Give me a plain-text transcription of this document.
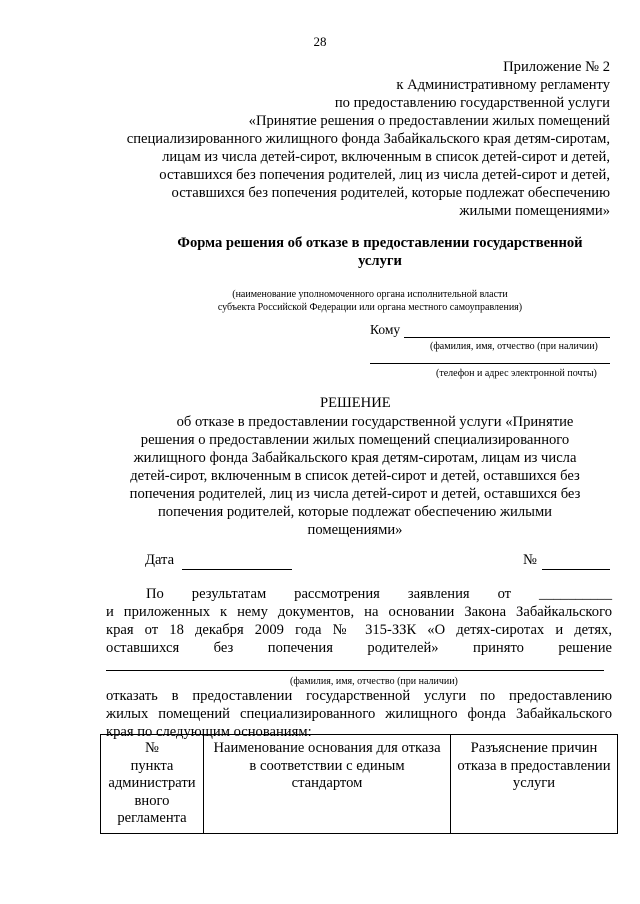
28
Приложение № 2
к Административному регламенту
по предоставлению государственной услуги
«Принятие решения о предоставлении жилых помещений
специализированного жилищного фонда Забайкальского края детям-сиротам,
лицам из числа детей-сирот, включенным в список детей-сирот и детей,
оставшихся без попечения родителей, лиц из числа детей-сирот и детей,
оставшихся без попечения родителей, которые подлежат обеспечению
жилыми помещениями»
Форма решения об отказе в предоставлении государственной
услуги
(наименование уполномоченного органа исполнительной власти
субъекта Российской Федерации или органа местного самоуправления)
Кому
(фамилия, имя, отчество (при наличии)
(телефон и адрес электронной почты)
РЕШЕНИЕ
об отказе в предоставлении государственной услуги «Принятие
решения о предоставлении жилых помещений специализированного
жилищного фонда Забайкальского края детям-сиротам, лицам из числа
детей-сирот, включенным в список детей-сирот и детей, оставшихся без
попечения родителей, лиц из числа детей-сирот и детей, оставшихся без
попечения родителей, которые подлежат обеспечению жилыми
помещениями»
Дата	№
По результатам рассмотрения заявления от __________
и приложенных к нему документов, на основании Закона Забайкальского
края от 18 декабря 2009 года № 315-ЗЗК «О детях-сиротах и детях,
оставшихся без попечения родителей» принято решение
(фамилия, имя, отчество (при наличии)
отказать в предоставлении государственной услуги по предоставлению
жилых помещений специализированного жилищного фонда Забайкальского
края по следующим основаниям:
№
пункта
администрати
вного
регламента

Наименование основания для отказа
в соответствии с единым
стандартом

Разъяснение причин
отказа в предоставлении
услуги
